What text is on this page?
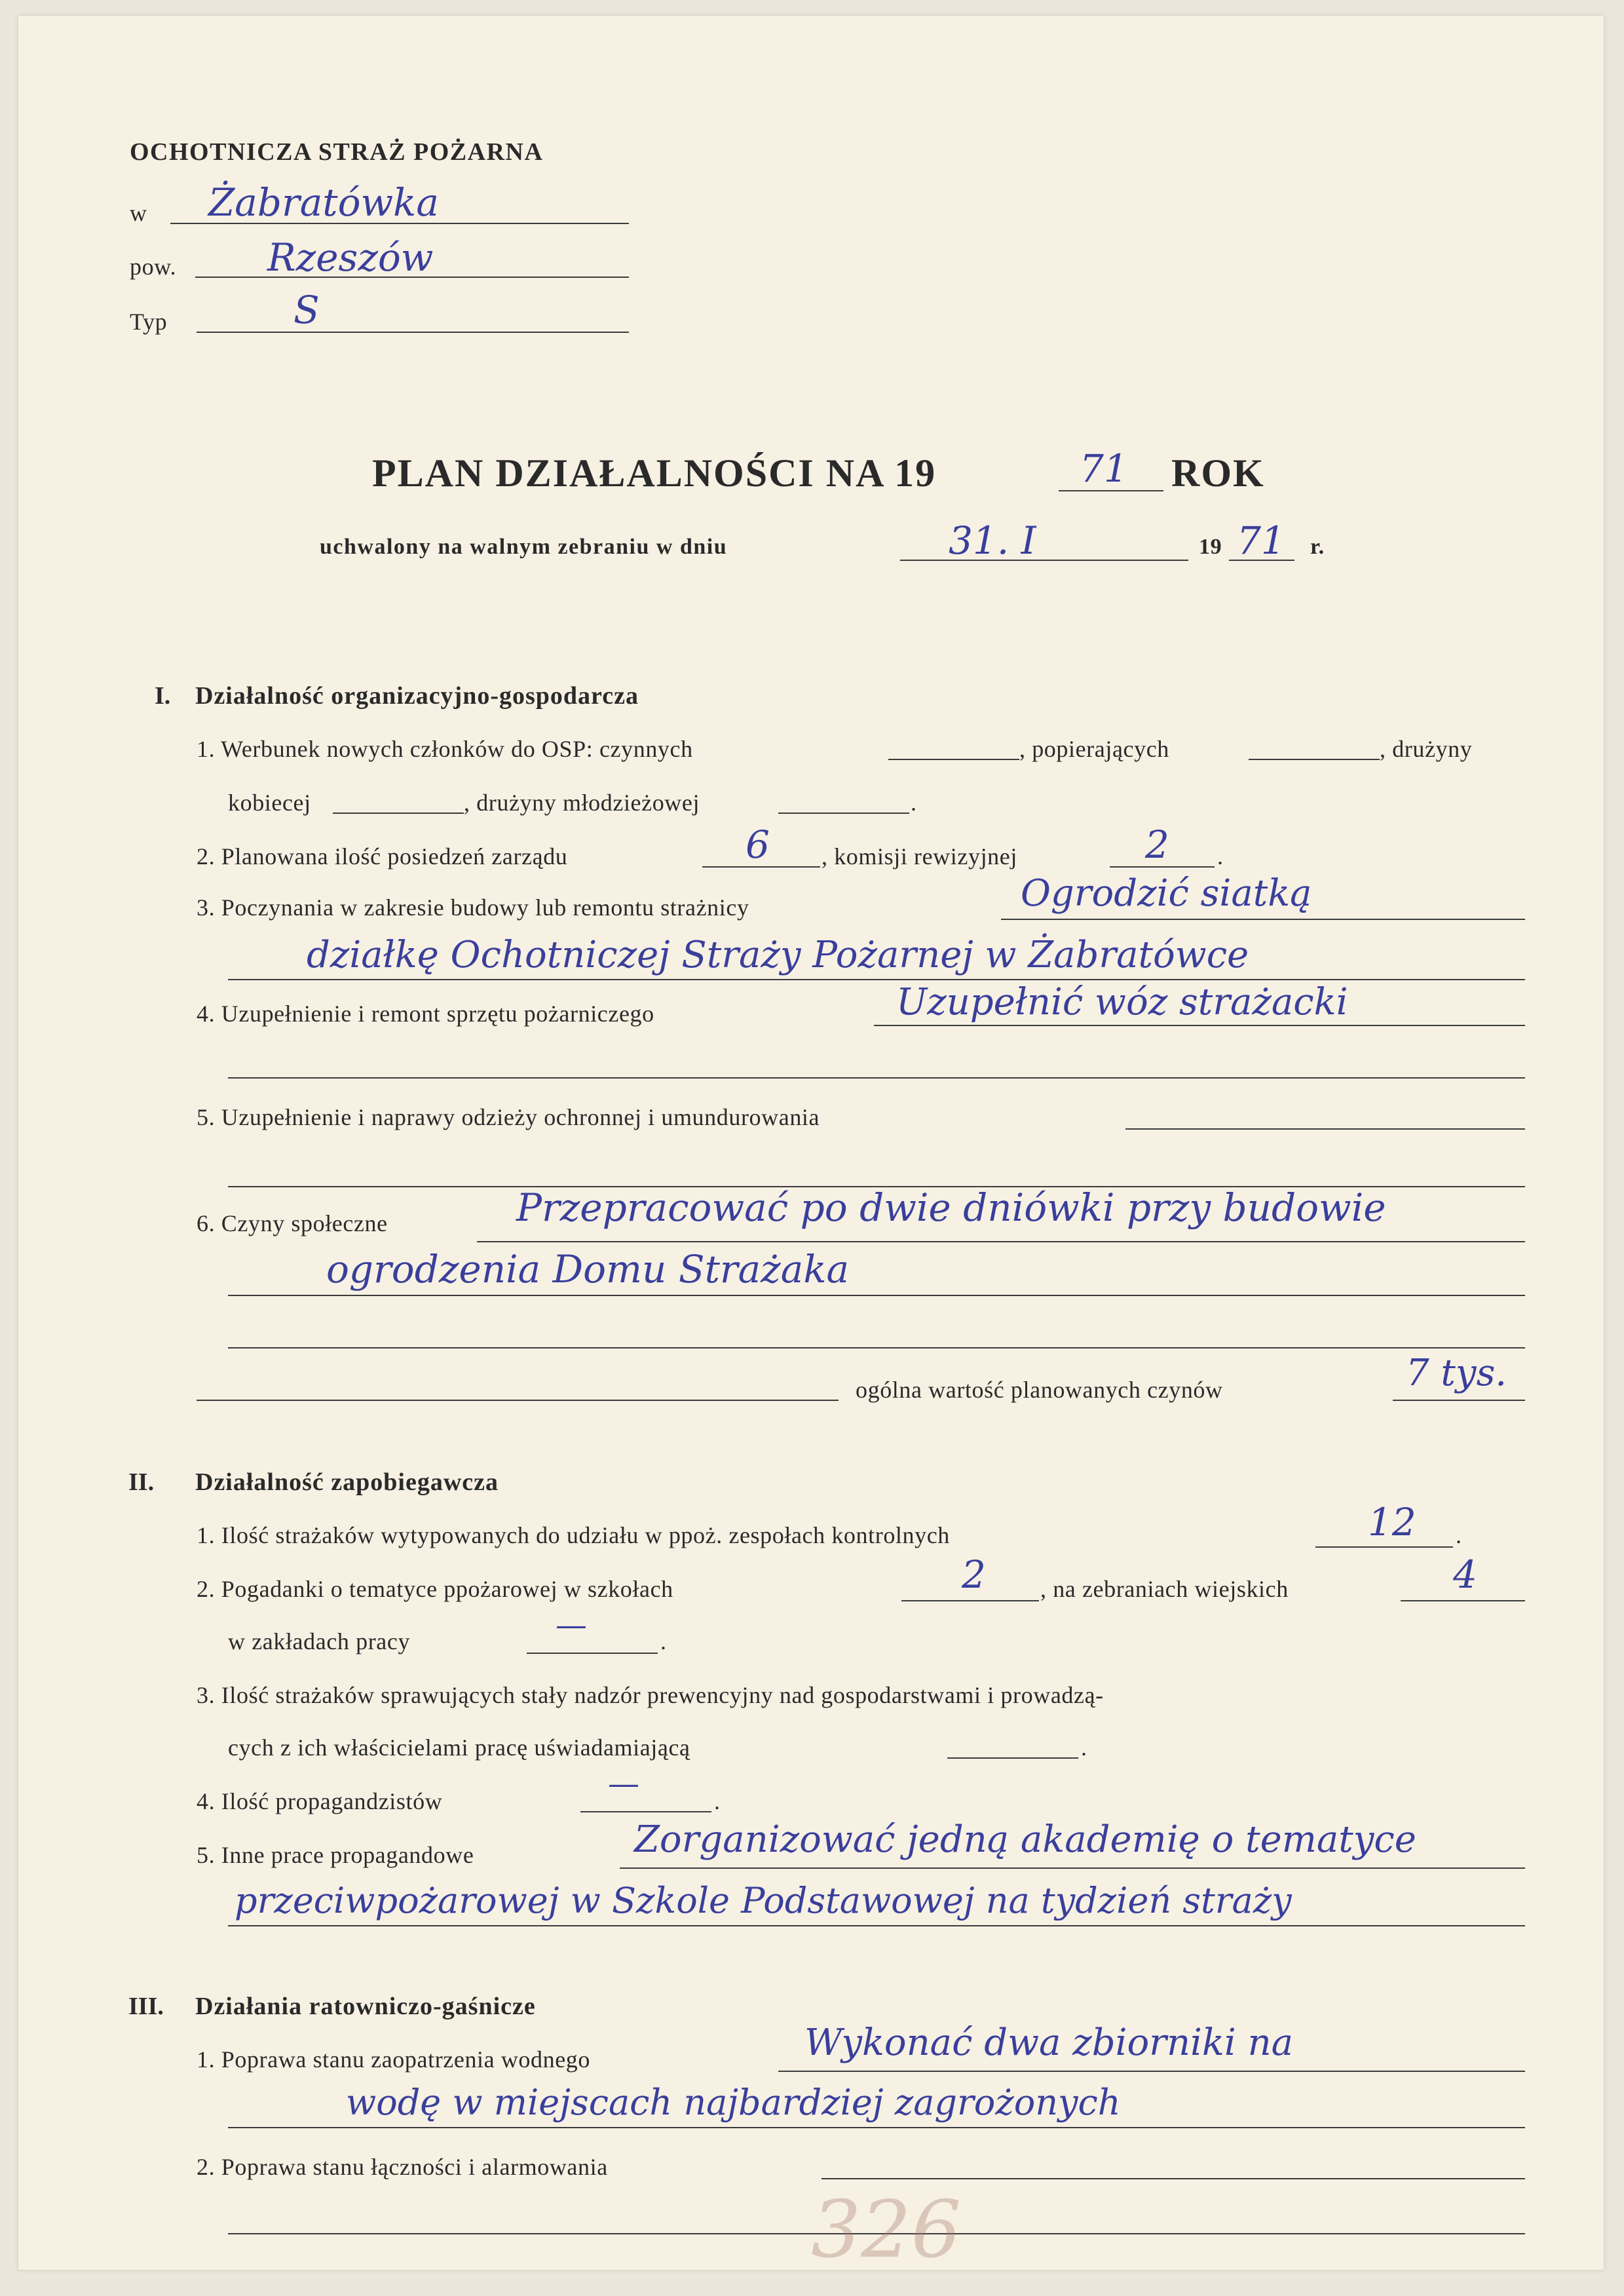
OCHOTNICZA STRAŻ POŻARNA
w Żabratówka
pow. Rzeszów
Typ	S
PLAN DZIAŁALNOŚCI NA 19	71 ROK
uchwalony na walnym zebraniu w dniu	31. I	19 71 r.
I. Działalność organizacyjno-gospodarcza
1. Werbunek nowych członków do OSP: czynnych	, popierających	, drużyny
kobiecej	, drużyny młodzieżowej	.
2. Planowana ilość posiedzeń zarządu	6 , komisji rewizyjnej	2 .
3. Poczynania w zakresie budowy lub remontu strażnicy	Ogrodzić siatką
działkę Ochotniczej Straży Pożarnej w Żabratówce
4. Uzupełnienie i remont sprzętu pożarniczego	Uzupełnić wóz strażacki
5. Uzupełnienie i naprawy odzieży ochronnej i umundurowania
6. Czyny społeczne	Przepracować po dwie dniówki przy budowie
ogrodzenia Domu Strażaka
ogólna wartość planowanych czynów	7 tys.
II. Działalność zapobiegawcza
1. Ilość strażaków wytypowanych do udziału w ppoż. zespołach kontrolnych	12 .
2. Pogadanki o tematyce ppożarowej w szkołach	2 , na zebraniach wiejskich	4
w zakładach pracy	—	.
3. Ilość strażaków sprawujących stały nadzór prewencyjny nad gospodarstwami i prowadzą-
cych z ich właścicielami pracę uświadamiającą	.
4. Ilość propagandzistów	—	.
5. Inne prace propagandowe	Zorganizować jedną akademię o tematyce
przeciwpożarowej w Szkole Podstawowej na tydzień straży
III. Działania ratowniczo-gaśnicze
1. Poprawa stanu zaopatrzenia wodnego	Wykonać dwa zbiorniki na
wodę w miejscach najbardziej zagrożonych
2. Poprawa stanu łączności i alarmowania
326
